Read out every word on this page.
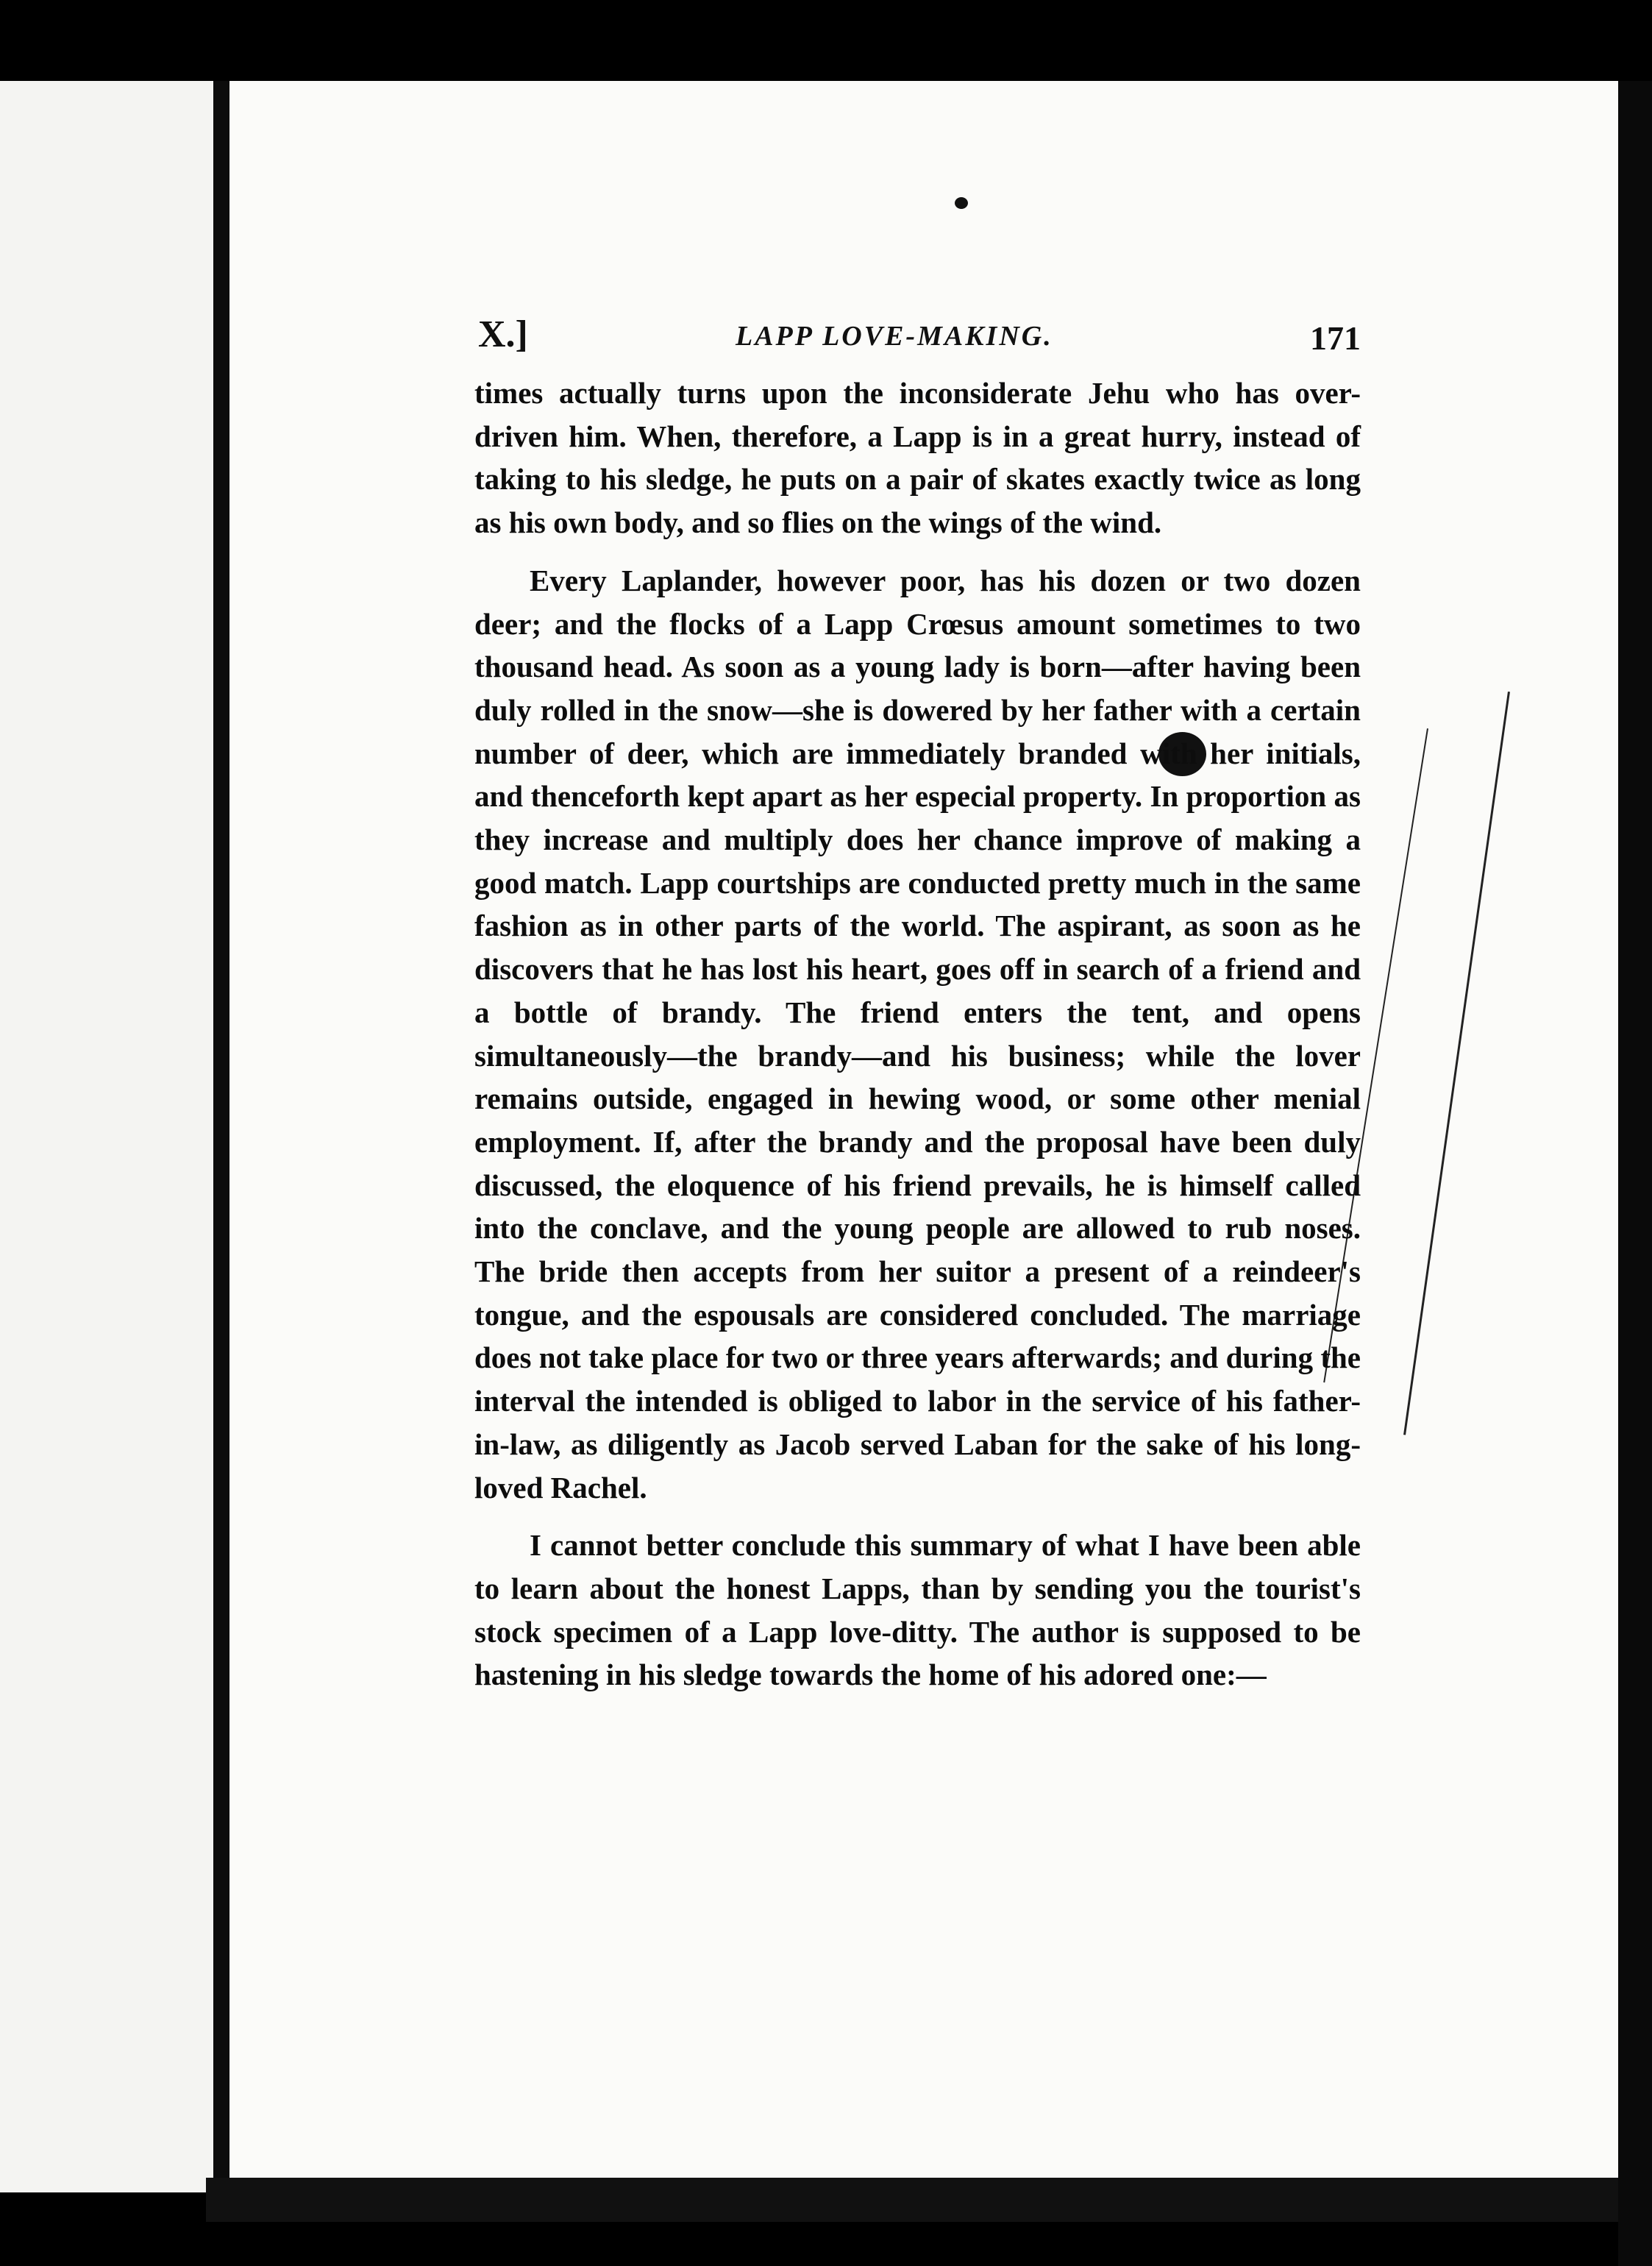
X.]	LAPP LOVE-MAKING.	171

times actually turns upon the inconsiderate Jehu who has over-driven him. When, therefore, a Lapp is in a great hurry, instead of taking to his sledge, he puts on a pair of skates exactly twice as long as his own body, and so flies on the wings of the wind.

Every Laplander, however poor, has his dozen or two dozen deer; and the flocks of a Lapp Crœsus amount sometimes to two thousand head. As soon as a young lady is born—after having been duly rolled in the snow—she is dowered by her father with a certain number of deer, which are immediately branded with her initials, and thenceforth kept apart as her especial property. In proportion as they increase and multiply does her chance improve of making a good match. Lapp courtships are conducted pretty much in the same fashion as in other parts of the world. The aspirant, as soon as he discovers that he has lost his heart, goes off in search of a friend and a bottle of brandy. The friend enters the tent, and opens simultaneously—the brandy—and his business; while the lover remains outside, engaged in hewing wood, or some other menial employment. If, after the brandy and the proposal have been duly discussed, the eloquence of his friend prevails, he is himself called into the conclave, and the young people are allowed to rub noses. The bride then accepts from her suitor a present of a reindeer's tongue, and the espousals are considered concluded. The marriage does not take place for two or three years afterwards; and during the interval the intended is obliged to labor in the service of his father-in-law, as diligently as Jacob served Laban for the sake of his long-loved Rachel.

I cannot better conclude this summary of what I have been able to learn about the honest Lapps, than by sending you the tourist's stock specimen of a Lapp love-ditty. The author is supposed to be hastening in his sledge towards the home of his adored one:—
